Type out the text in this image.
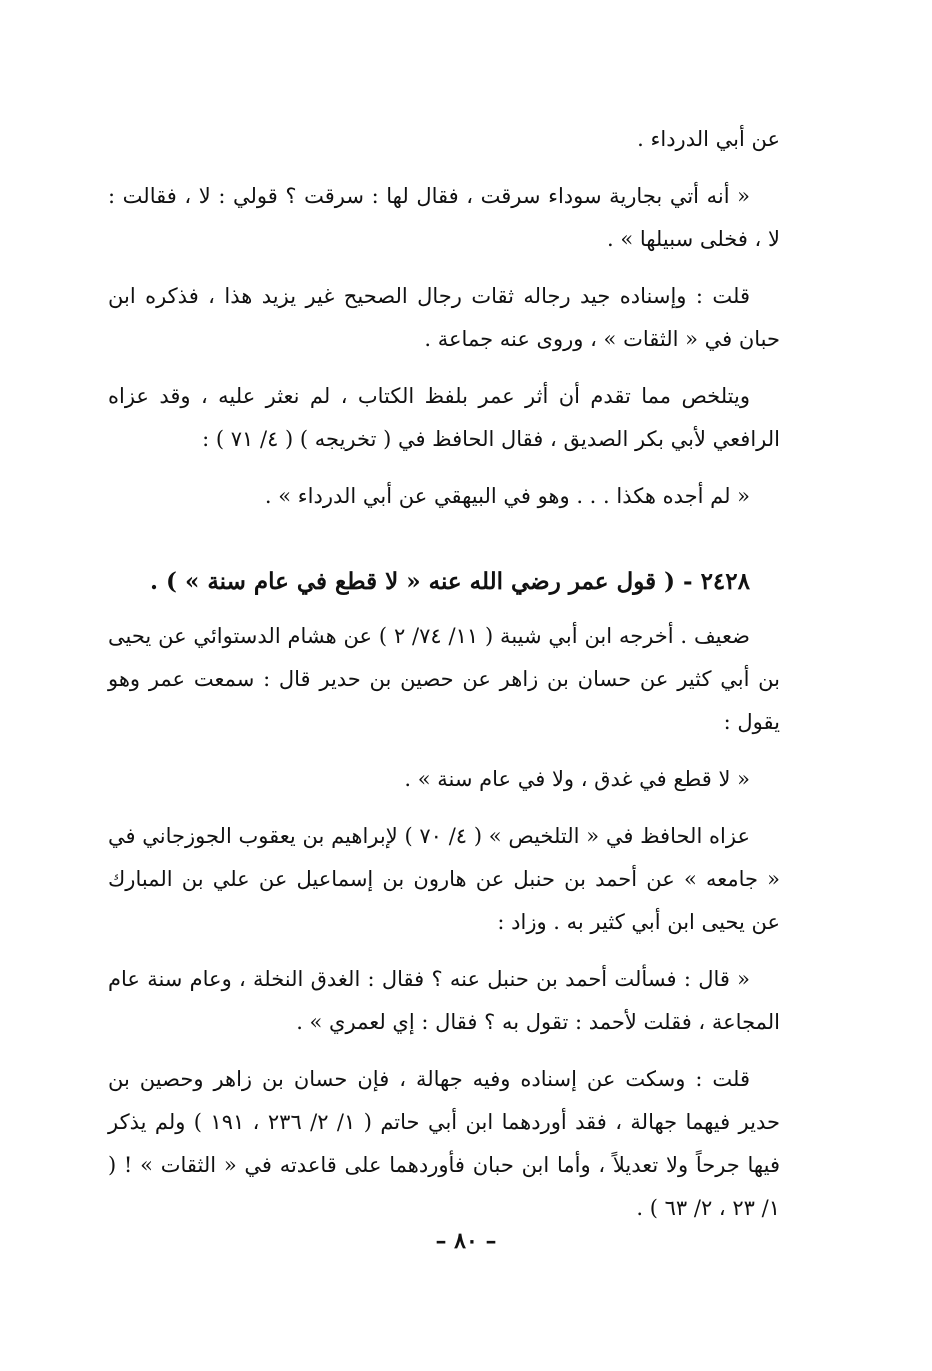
عن أبي الدرداء .

« أنه أتي بجارية سوداء سرقت ، فقال لها : سرقت ؟ قولي : لا ، فقالت : لا ، فخلى سبيلها » .

قلت : وإسناده جيد رجاله ثقات رجال الصحيح غير يزيد هذا ، فذكره ابن حبان في « الثقات » ، وروى عنه جماعة .

ويتلخص مما تقدم أن أثر عمر بلفظ الكتاب ، لم نعثر عليه ، وقد عزاه الرافعي لأبي بكر الصديق ، فقال الحافظ في ( تخريجه ) ( ٤/ ٧١ ) :

« لم أجده هكذا . . . وهو في البيهقي عن أبي الدرداء » .

٢٤٢٨ - ( قول عمر رضي الله عنه « لا قطع في عام سنة » ) .

ضعيف . أخرجه ابن أبي شيبة ( ١١/ ٧٤/ ٢ ) عن هشام الدستوائي عن يحيى بن أبي كثير عن حسان بن زاهر عن حصين بن حدير قال : سمعت عمر وهو يقول :

« لا قطع في غدق ، ولا في عام سنة » .

عزاه الحافظ في « التلخيص » ( ٤/ ٧٠ ) لإبراهيم بن يعقوب الجوزجاني في « جامعه » عن أحمد بن حنبل عن هارون بن إسماعيل عن علي بن المبارك عن يحيى ابن أبي كثير به . وزاد :

« قال : فسألت أحمد بن حنبل عنه ؟ فقال : الغدق النخلة ، وعام سنة عام المجاعة ، فقلت لأحمد : تقول به ؟ فقال : إي لعمري » .

قلت : وسكت عن إسناده وفيه جهالة ، فإن حسان بن زاهر وحصين بن حدير فيهما جهالة ، فقد أوردهما ابن أبي حاتم ( ١/ ٢/ ٢٣٦ ، ١٩١ ) ولم يذكر فيها جرحاً ولا تعديلاً ، وأما ابن حبان فأوردهما على قاعدته في « الثقات » ! ( ١/ ٢٣ ، ٢/ ٦٣ ) .

– ٨٠ –
